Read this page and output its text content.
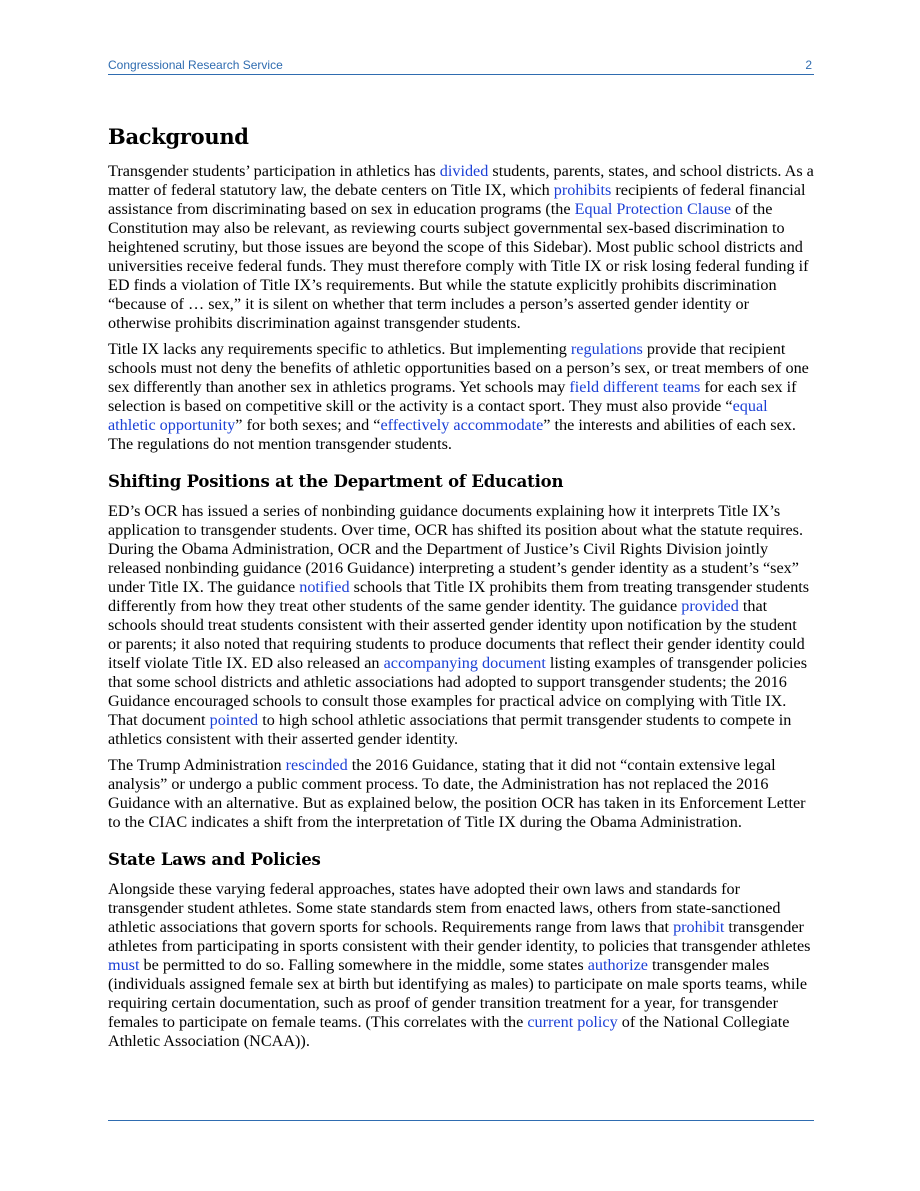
Congressional Research Service	2
Background

Transgender students’ participation in athletics has divided students, parents, states, and school districts. As a matter of federal statutory law, the debate centers on Title IX, which prohibits recipients of federal financial assistance from discriminating based on sex in education programs (the Equal Protection Clause of the Constitution may also be relevant, as reviewing courts subject governmental sex-based discrimination to heightened scrutiny, but those issues are beyond the scope of this Sidebar). Most public school districts and universities receive federal funds. They must therefore comply with Title IX or risk losing federal funding if ED finds a violation of Title IX’s requirements. But while the statute explicitly prohibits discrimination “because of … sex,” it is silent on whether that term includes a person’s asserted gender identity or otherwise prohibits discrimination against transgender students.

Title IX lacks any requirements specific to athletics. But implementing regulations provide that recipient schools must not deny the benefits of athletic opportunities based on a person’s sex, or treat members of one sex differently than another sex in athletics programs. Yet schools may field different teams for each sex if selection is based on competitive skill or the activity is a contact sport. They must also provide “equal athletic opportunity” for both sexes; and “effectively accommodate” the interests and abilities of each sex. The regulations do not mention transgender students.

Shifting Positions at the Department of Education

ED’s OCR has issued a series of nonbinding guidance documents explaining how it interprets Title IX’s application to transgender students. Over time, OCR has shifted its position about what the statute requires. During the Obama Administration, OCR and the Department of Justice’s Civil Rights Division jointly released nonbinding guidance (2016 Guidance) interpreting a student’s gender identity as a student’s “sex” under Title IX. The guidance notified schools that Title IX prohibits them from treating transgender students differently from how they treat other students of the same gender identity. The guidance provided that schools should treat students consistent with their asserted gender identity upon notification by the student or parents; it also noted that requiring students to produce documents that reflect their gender identity could itself violate Title IX. ED also released an accompanying document listing examples of transgender policies that some school districts and athletic associations had adopted to support transgender students; the 2016 Guidance encouraged schools to consult those examples for practical advice on complying with Title IX. That document pointed to high school athletic associations that permit transgender students to compete in athletics consistent with their asserted gender identity.

The Trump Administration rescinded the 2016 Guidance, stating that it did not “contain extensive legal analysis” or undergo a public comment process. To date, the Administration has not replaced the 2016 Guidance with an alternative. But as explained below, the position OCR has taken in its Enforcement Letter to the CIAC indicates a shift from the interpretation of Title IX during the Obama Administration.

State Laws and Policies

Alongside these varying federal approaches, states have adopted their own laws and standards for transgender student athletes. Some state standards stem from enacted laws, others from state-sanctioned athletic associations that govern sports for schools. Requirements range from laws that prohibit transgender athletes from participating in sports consistent with their gender identity, to policies that transgender athletes must be permitted to do so. Falling somewhere in the middle, some states authorize transgender males (individuals assigned female sex at birth but identifying as males) to participate on male sports teams, while requiring certain documentation, such as proof of gender transition treatment for a year, for transgender females to participate on female teams. (This correlates with the current policy of the National Collegiate Athletic Association (NCAA)).
